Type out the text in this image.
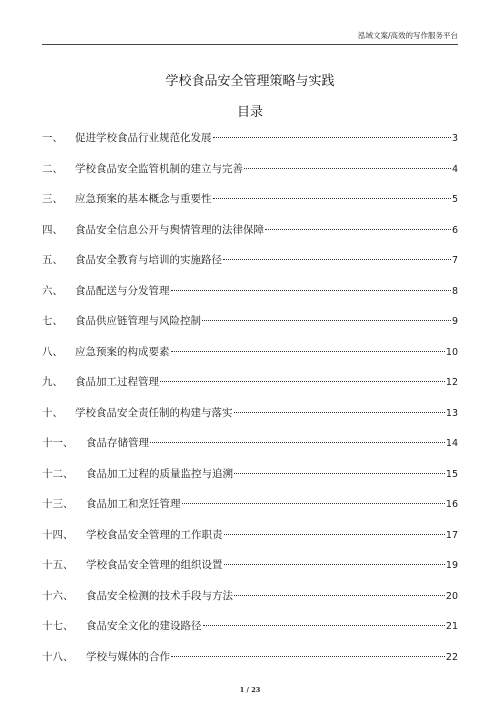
泓域文案/高效的写作服务平台
学校食品安全管理策略与实践
目录
一、	促进学校食品行业规范化发展	3
二、	学校食品安全监管机制的建立与完善	4
三、	应急预案的基本概念与重要性	5
四、	食品安全信息公开与舆情管理的法律保障	6
五、	食品安全教育与培训的实施路径	7
六、	食品配送与分发管理	8
七、	食品供应链管理与风险控制	9
八、	应急预案的构成要素	10
九、	食品加工过程管理	12
十、	学校食品安全责任制的构建与落实	13
十一、	食品存储管理	14
十二、	食品加工过程的质量监控与追溯	15
十三、	食品加工和烹饪管理	16
十四、	学校食品安全管理的工作职责	17
十五、	学校食品安全管理的组织设置	19
十六、	食品安全检测的技术手段与方法	20
十七、	食品安全文化的建设路径	21
十八、	学校与媒体的合作	22
1 / 23
